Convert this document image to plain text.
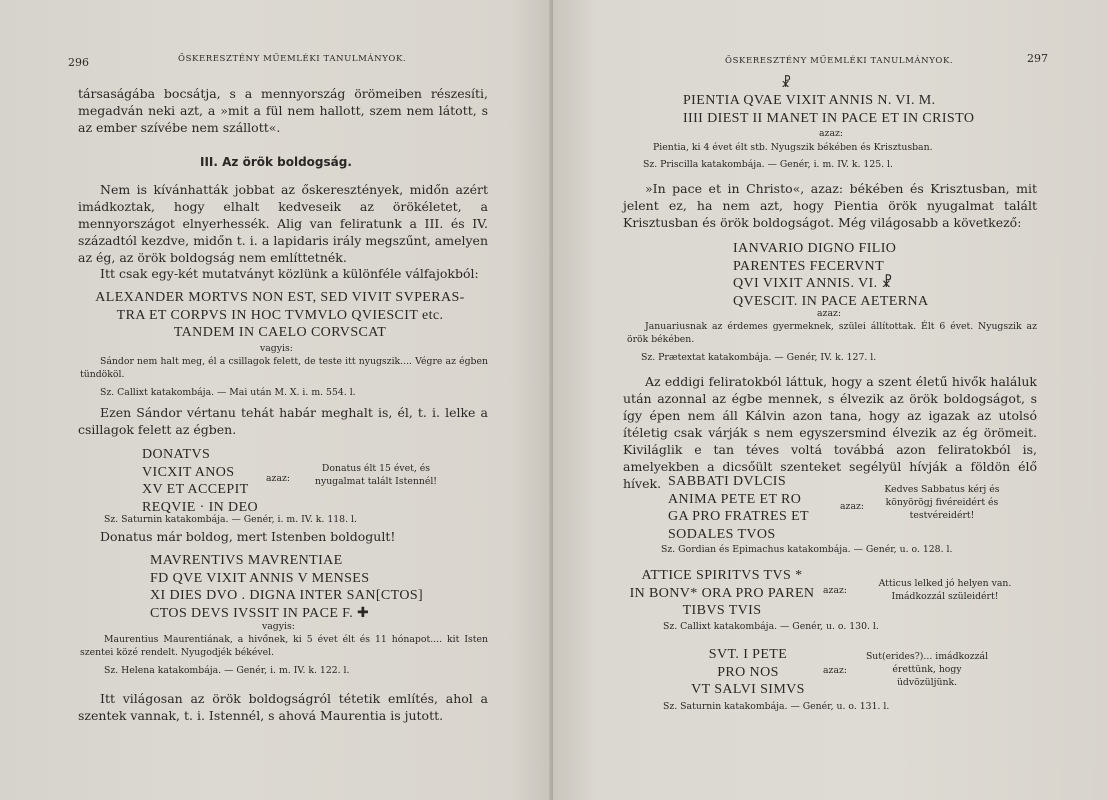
296	ŐSKERESZTÉNY MŰEMLÉKI TANULMÁNYOK.

társaságába bocsátja, s a mennyország örömeiben részesíti, megadván neki azt, a »mit a fül nem hallott, szem nem látott, s az ember szívébe nem szállott«.

III. Az örök boldogság.

Nem is kívánhatták jobbat az őskeresztények, midőn azért imádkoztak, hogy elhalt kedveseik az örökéletet, a mennyországot elnyerhessék. Alig van feliratunk a III. és IV. századtól kezdve, midőn t. i. a lapidaris irály megszűnt, amelyen az ég, az örök boldogság nem említtetnék.

Itt csak egy-két mutatványt közlünk a különféle válfajokból:

ALEXANDER MORTVS NON EST, SED VIVIT SVPERAS-
TRA ET CORPVS IN HOC TVMVLO QVIESCIT etc.
TANDEM IN CAELO CORVSCAT
vagyis:

Sándor nem halt meg, él a csillagok felett, de teste itt nyugszik.... Végre az égben tündököl.

Sz. Callixt katakombája. — Mai után M. X. i. m. 554. l.

Ezen Sándor vértanu tehát habár meghalt is, él, t. i. lelke a csillagok felett az égben.

DONATVS
VICXIT ANOS
XV ET ACCEPIT
REQVIE · IN DEO
azaz:
Donatus élt 15 évet, és nyugalmat talált Istennél!
Sz. Saturnin katakombája. — Genér, i. m. IV. k. 118. l.

Donatus már boldog, mert Istenben boldogult!

MAVRENTIVS MAVRENTIAE
FD QVE VIXIT ANNIS V MENSES
XI DIES DVO . DIGNA INTER SAN[CTOS]
CTOS DEVS IVSSIT IN PACE F. ✚
vagyis:

Maurentius Maurentiának, a hivőnek, ki 5 évet élt és 11 hónapot.... kit Isten szentei közé rendelt. Nyugodjék békével.

Sz. Helena katakombája. — Genér, i. m. IV. k. 122. l.

Itt világosan az örök boldogságról tétetik említés, ahol a szentek vannak, t. i. Istennél, s ahová Maurentia is jutott.

ŐSKERESZTÉNY MŰEMLÉKI TANULMÁNYOK.	297
☧
PIENTIA QVAE VIXIT ANNIS N. VI. M.
IIII DIEST II MANET IN PACE ET IN CRISTO
azaz:
Pientia, ki 4 évet élt stb. Nyugszik békében és Krisztusban.
Sz. Priscilla katakombája. — Genér, i. m. IV. k. 125. l.

»In pace et in Christo«, azaz: békében és Krisztusban, mit jelent ez, ha nem azt, hogy Pientia örök nyugalmat talált Krisztusban és örök boldogságot. Még világosabb a következő:

IANVARIO DIGNO FILIO
PARENTES FECERVNT
QVI VIXIT ANNIS. VI. ☧
QVESCIT. IN PACE AETERNA
azaz:

Januariusnak az érdemes gyermeknek, szülei állítottak. Élt 6 évet. Nyugszik az örök békében.

Sz. Prætextat katakombája. — Genér, IV. k. 127. l.

Az eddigi feliratokból láttuk, hogy a szent életű hivők haláluk után azonnal az égbe mennek, s élvezik az örök boldogságot, s így épen nem áll Kálvin azon tana, hogy az igazak az utolsó ítéletig csak várják s nem egyszersmind élvezik az ég örömeit. Kiviláglik e tan téves voltá továbbá azon feliratokból is, amelyekben a dicsőült szenteket segélyül hívják a földön élő hívek. SABBATI DVLCIS
ANIMA PETE ET RO
GA PRO FRATRES ET
SODALES TVOS
azaz:
Kedves Sabbatus kérj és könyörögj fivéreidért és testvéreidért!
Sz. Gordian és Epimachus katakombája. — Genér, u. o. 128. l.
ATTICE SPIRITVS TVS *
IN BONV* ORA PRO PAREN
TIBVS TVIS
azaz:
Atticus lelked jó helyen van. Imádkozzál szüleidért!
Sz. Callixt katakombája. — Genér, u. o. 130. l.
SVT. I PETE
PRO NOS
VT SALVI SIMVS
azaz:
Sut(erides?)... imádkozzál érettünk, hogy üdvözüljünk.
Sz. Saturnin katakombája. — Genér, u. o. 131. l.
